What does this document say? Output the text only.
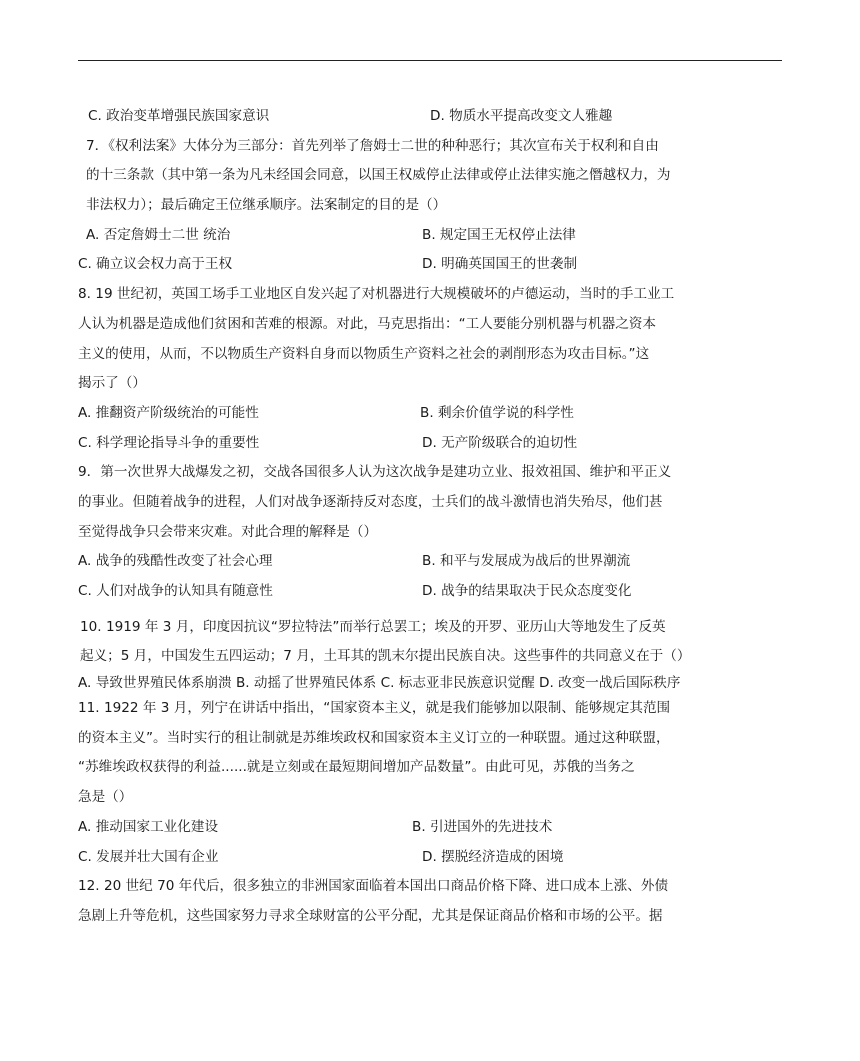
C. 政治变革增强民族国家意识	D. 物质水平提高改变文人雅趣
7．《权利法案》大体分为三部分：首先列举了詹姆士二世的种种恶行；其次宣布关于权利和自由
的十三条款（其中第一条为凡未经国会同意，以国王权威停止法律或停止法律实施之僭越权力，为
非法权力）；最后确定王位继承顺序。法案制定的目的是（）
A. 否定詹姆士二世 统治	B. 规定国王无权停止法律
C. 确立议会权力高于王权	D. 明确英国国王的世袭制
8. 19 世纪初，英国工场手工业地区自发兴起了对机器进行大规模破坏的卢德运动，当时的手工业工
人认为机器是造成他们贫困和苦难的根源。对此，马克思指出：“工人要能分别机器与机器之资本
主义的使用，从而，不以物质生产资料自身而以物质生产资料之社会的剥削形态为攻击目标。”这
揭示了（）
A. 推翻资产阶级统治的可能性	B. 剩余价值学说的科学性
C. 科学理论指导斗争的重要性	D. 无产阶级联合的迫切性
9．第一次世界大战爆发之初，交战各国很多人认为这次战争是建功立业、报效祖国、维护和平正义
的事业。但随着战争的进程，人们对战争逐渐持反对态度，士兵们的战斗激情也消失殆尽，他们甚
至觉得战争只会带来灾难。对此合理的解释是（）
A. 战争的残酷性改变了社会心理	B. 和平与发展成为战后的世界潮流
C. 人们对战争的认知具有随意性	D. 战争的结果取决于民众态度变化
10. 1919 年 3 月，印度因抗议“罗拉特法”而举行总罢工；埃及的开罗、亚历山大等地发生了反英
起义；5 月，中国发生五四运动；7 月，土耳其的凯末尔提出民族自决。这些事件的共同意义在于（）
A. 导致世界殖民体系崩溃 B. 动摇了世界殖民体系 C. 标志亚非民族意识觉醒 D. 改变一战后国际秩序
11. 1922 年 3 月，列宁在讲话中指出，“国家资本主义，就是我们能够加以限制、能够规定其范围
的资本主义”。当时实行的租让制就是苏维埃政权和国家资本主义订立的一种联盟。通过这种联盟，
“苏维埃政权获得的利益......就是立刻或在最短期间增加产品数量”。由此可见，苏俄的当务之
急是（）
A. 推动国家工业化建设	B. 引进国外的先进技术
C. 发展并壮大国有企业	D. 摆脱经济造成的困境
12. 20 世纪 70 年代后，很多独立的非洲国家面临着本国出口商品价格下降、进口成本上涨、外债
急剧上升等危机，这些国家努力寻求全球财富的公平分配，尤其是保证商品价格和市场的公平。据
